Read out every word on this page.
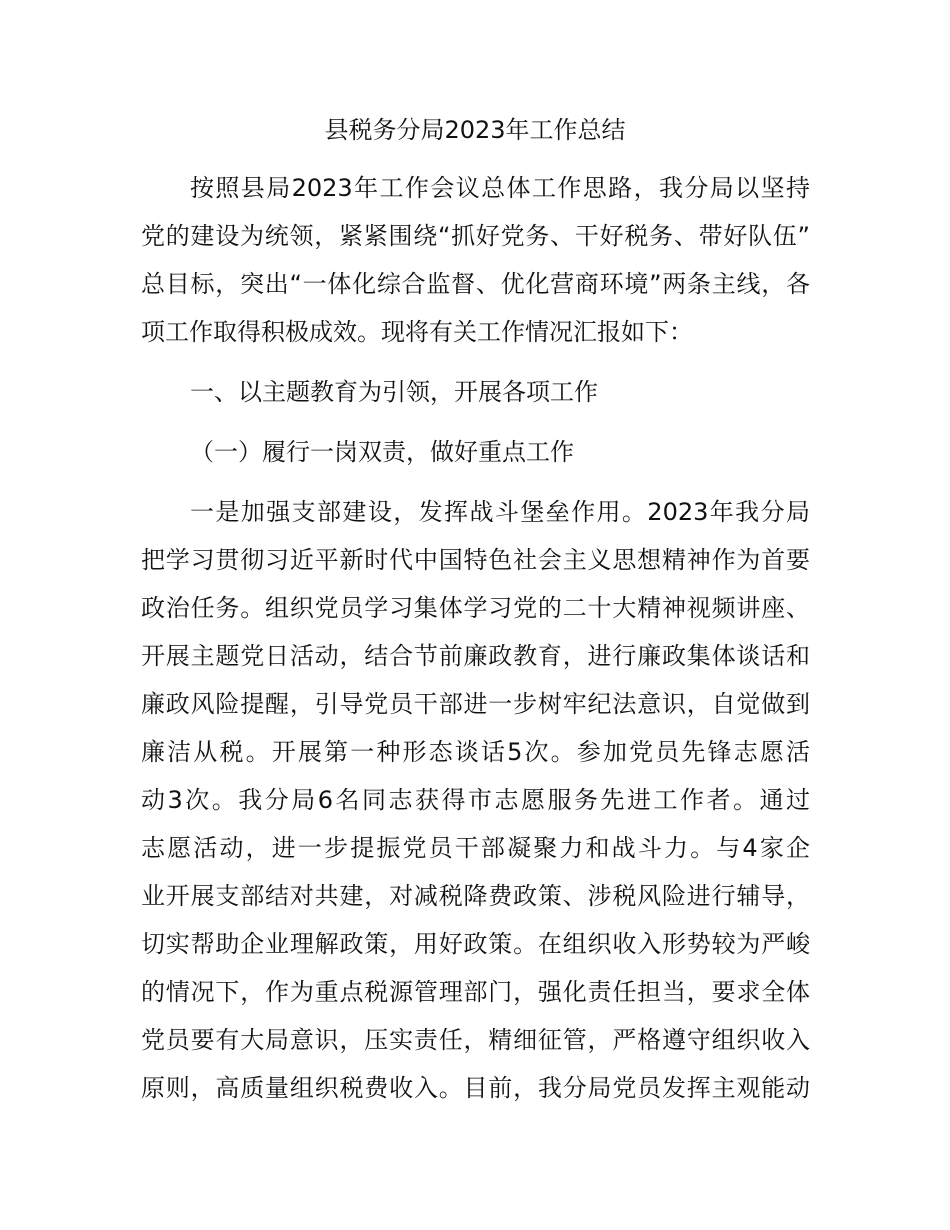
县税务分局2023年工作总结
按照县局2023年工作会议总体工作思路，我分局以坚持
党的建设为统领，紧紧围绕“抓好党务、干好税务、带好队伍”
总目标，突出“一体化综合监督、优化营商环境”两条主线，各
项工作取得积极成效。现将有关工作情况汇报如下：
一、以主题教育为引领，开展各项工作
（一）履行一岗双责，做好重点工作
一是加强支部建设，发挥战斗堡垒作用。2023年我分局
把学习贯彻习近平新时代中国特色社会主义思想精神作为首要
政治任务。组织党员学习集体学习党的二十大精神视频讲座、
开展主题党日活动，结合节前廉政教育，进行廉政集体谈话和
廉政风险提醒，引导党员干部进一步树牢纪法意识，自觉做到
廉洁从税。开展第一种形态谈话5次。参加党员先锋志愿活
动3次。我分局6名同志获得市志愿服务先进工作者。通过
志愿活动，进一步提振党员干部凝聚力和战斗力。与4家企
业开展支部结对共建，对减税降费政策、涉税风险进行辅导，
切实帮助企业理解政策，用好政策。在组织收入形势较为严峻
的情况下，作为重点税源管理部门，强化责任担当，要求全体
党员要有大局意识，压实责任，精细征管，严格遵守组织收入
原则，高质量组织税费收入。目前，我分局党员发挥主观能动
